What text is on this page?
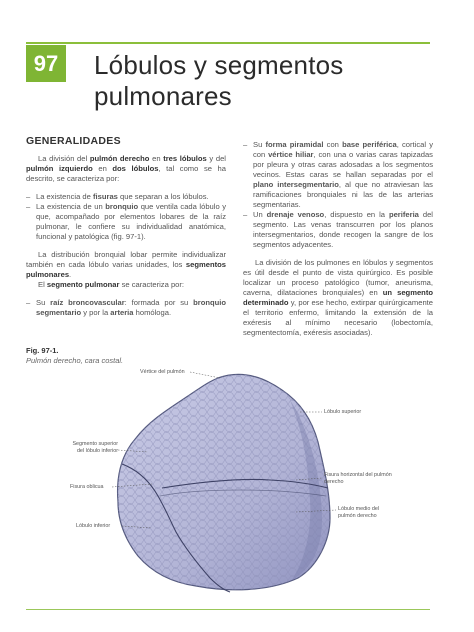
97 Lóbulos y segmentos pulmonares
GENERALIDADES

La división del pulmón derecho en tres lóbulos y del pulmón izquierdo en dos lóbulos, tal como se ha descrito, se caracteriza por:

– La existencia de fisuras que separan a los lóbulos.

– La existencia de un bronquio que ventila cada lóbulo y que, acompañado por elementos lobares de la raíz pulmonar, le confiere su individualidad anatómica, funcional y patológica (fig. 97-1).

La distribución bronquial lobar permite individualizar también en cada lóbulo varias unidades, los segmentos pulmonares.

El segmento pulmonar se caracteriza por:

– Su raíz broncovascular: formada por su bronquio segmentario y por la arteria homóloga.

– Su forma piramidal con base periférica, cortical y con vértice hiliar, con una o varias caras tapizadas por pleura y otras caras adosadas a los segmentos vecinos. Estas caras se hallan separadas por el plano intersegmentario, al que no atraviesan las ramificaciones bronquiales ni las de las arterias segmentarias.

– Un drenaje venoso, dispuesto en la periferia del segmento. Las venas transcurren por los planos intersegmentarios, donde recogen la sangre de los segmentos adyacentes.

La división de los pulmones en lóbulos y segmentos es útil desde el punto de vista quirúrgico. Es posible localizar un proceso patológico (tumor, aneurisma, caverna, dilataciones bronquiales) en un segmento determinado y, por ese hecho, extirpar quirúrgicamente el territorio enfermo, limitando la extensión de la exéresis al mínimo necesario (lobectomía, segmentectomía, exéresis asociadas).

Fig. 97-1.
Pulmón derecho, cara costal.
Vértice del pulmón
Lóbulo superior
Segmento superior del lóbulo inferior
Fisura horizontal del pulmón derecho
Fisura oblicua
Lóbulo medio del pulmón derecho
Lóbulo inferior
